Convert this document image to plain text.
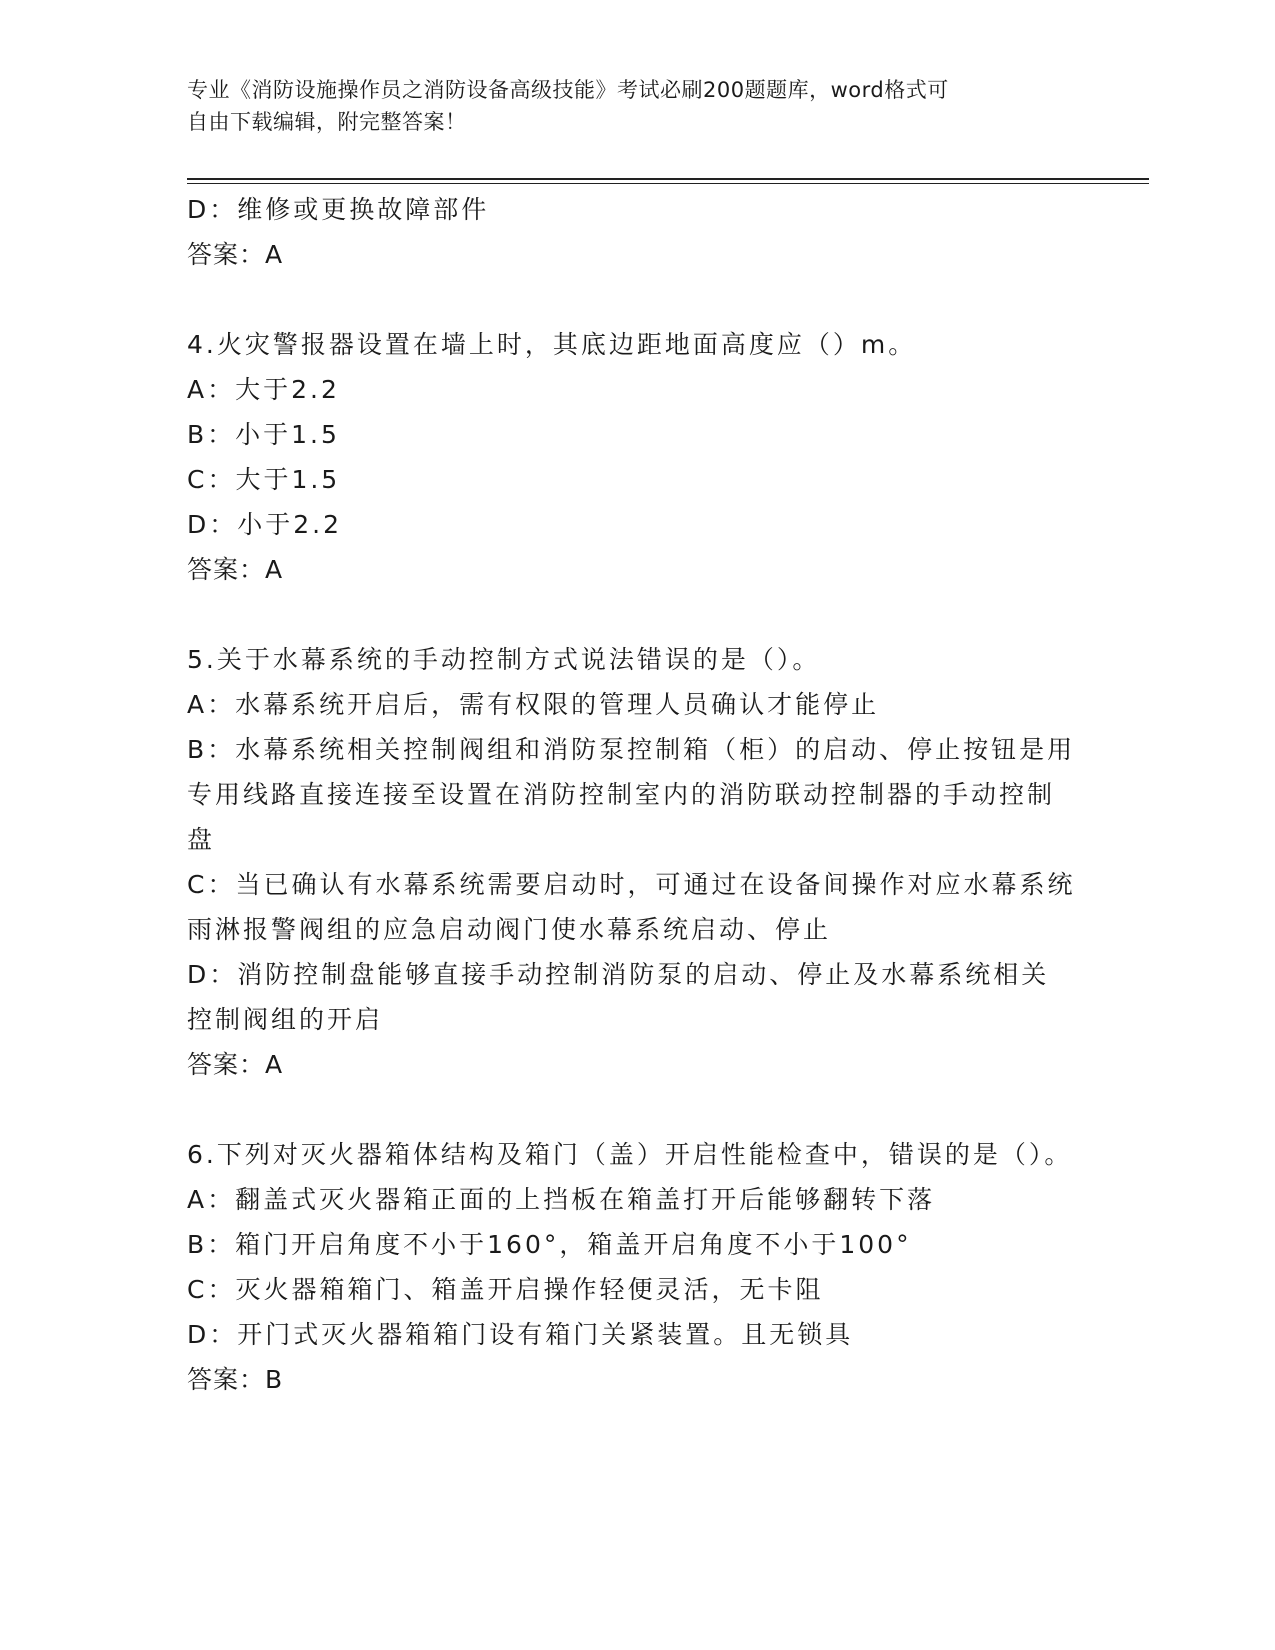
专业《消防设施操作员之消防设备高级技能》考试必刷200题题库，word格式可
自由下载编辑，附完整答案！
D：维修或更换故障部件
答案：A
4.火灾警报器设置在墙上时，其底边距地面高度应（）m。
A：大于2.2
B：小于1.5
C：大于1.5
D：小于2.2
答案：A
5.关于水幕系统的手动控制方式说法错误的是（）。
A：水幕系统开启后，需有权限的管理人员确认才能停止
B：水幕系统相关控制阀组和消防泵控制箱（柜）的启动、停止按钮是用专用线路直接连接至设置在消防控制室内的消防联动控制器的手动控制盘
C：当已确认有水幕系统需要启动时，可通过在设备间操作对应水幕系统雨淋报警阀组的应急启动阀门使水幕系统启动、停止
D：消防控制盘能够直接手动控制消防泵的启动、停止及水幕系统相关控制阀组的开启
答案：A
6.下列对灭火器箱体结构及箱门（盖）开启性能检查中，错误的是（）。
A：翻盖式灭火器箱正面的上挡板在箱盖打开后能够翻转下落
B：箱门开启角度不小于160°，箱盖开启角度不小于100°
C：灭火器箱箱门、箱盖开启操作轻便灵活，无卡阻
D：开门式灭火器箱箱门设有箱门关紧装置。且无锁具
答案：B
